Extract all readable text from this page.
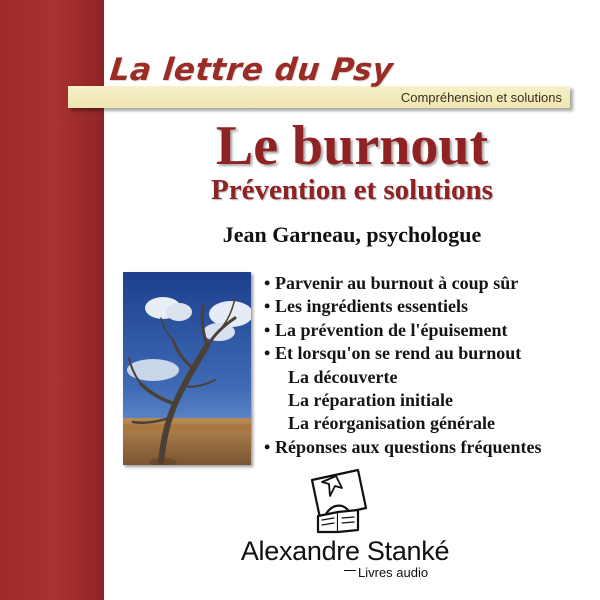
La lettre du Psy
Compréhension et solutions
Le burnout
Prévention et solutions
Jean Garneau, psychologue
• Parvenir au burnout à coup sûr
• Les ingrédients essentiels
• La prévention de l'épuisement
• Et lorsqu'on se rend au burnout
La découverte
La réparation initiale
La réorganisation générale
• Réponses aux questions fréquentes
Alexandre Stanké
Livres audio
